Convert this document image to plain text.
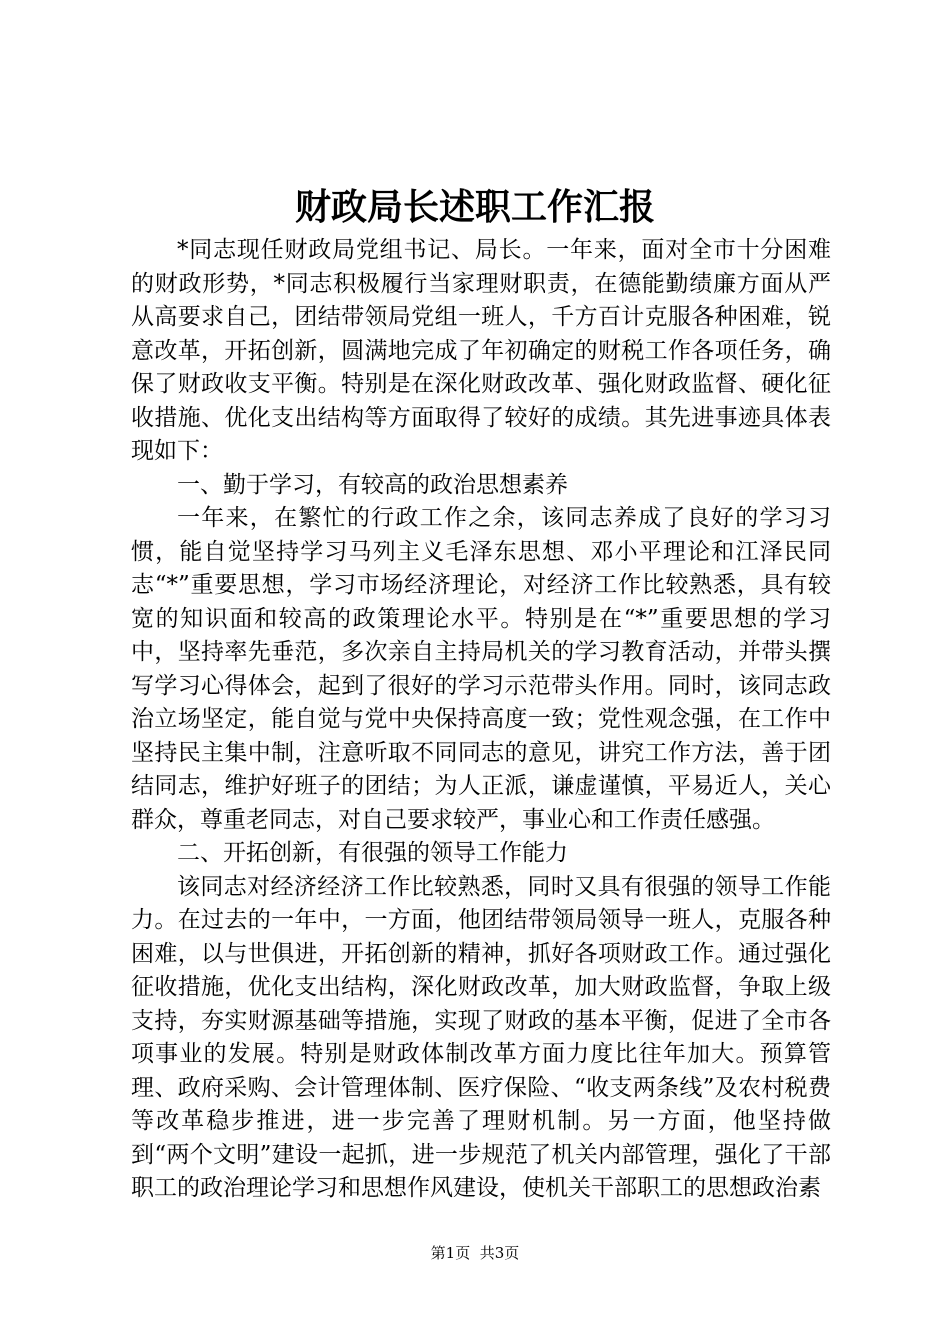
财政局长述职工作汇报

*同志现任财政局党组书记、局长。一年来，面对全市十分困难的财政形势，*同志积极履行当家理财职责，在德能勤绩廉方面从严从高要求自己，团结带领局党组一班人，千方百计克服各种困难，锐意改革，开拓创新，圆满地完成了年初确定的财税工作各项任务，确保了财政收支平衡。特别是在深化财政改革、强化财政监督、硬化征收措施、优化支出结构等方面取得了较好的成绩。其先进事迹具体表现如下：

一、勤于学习，有较高的政治思想素养

一年来，在繁忙的行政工作之余，该同志养成了良好的学习习惯，能自觉坚持学习马列主义毛泽东思想、邓小平理论和江泽民同志“*”重要思想，学习市场经济理论，对经济工作比较熟悉，具有较宽的知识面和较高的政策理论水平。特别是在“*”重要思想的学习中，坚持率先垂范，多次亲自主持局机关的学习教育活动，并带头撰写学习心得体会，起到了很好的学习示范带头作用。同时，该同志政治立场坚定，能自觉与党中央保持高度一致；党性观念强，在工作中坚持民主集中制，注意听取不同同志的意见，讲究工作方法，善于团结同志，维护好班子的团结；为人正派，谦虚谨慎，平易近人，关心群众，尊重老同志，对自己要求较严，事业心和工作责任感强。

二、开拓创新，有很强的领导工作能力

该同志对经济经济工作比较熟悉，同时又具有很强的领导工作能力。在过去的一年中，一方面，他团结带领局领导一班人，克服各种困难，以与世俱进，开拓创新的精神，抓好各项财政工作。通过强化征收措施，优化支出结构，深化财政改革，加大财政监督，争取上级支持，夯实财源基础等措施，实现了财政的基本平衡，促进了全市各项事业的发展。特别是财政体制改革方面力度比往年加大。预算管理、政府采购、会计管理体制、医疗保险、“收支两条线”及农村税费等改革稳步推进，进一步完善了理财机制。另一方面，他坚持做到“两个文明”建设一起抓，进一步规范了机关内部管理，强化了干部职工的政治理论学习和思想作风建设，使机关干部职工的思想政治素

第1页 共3页
